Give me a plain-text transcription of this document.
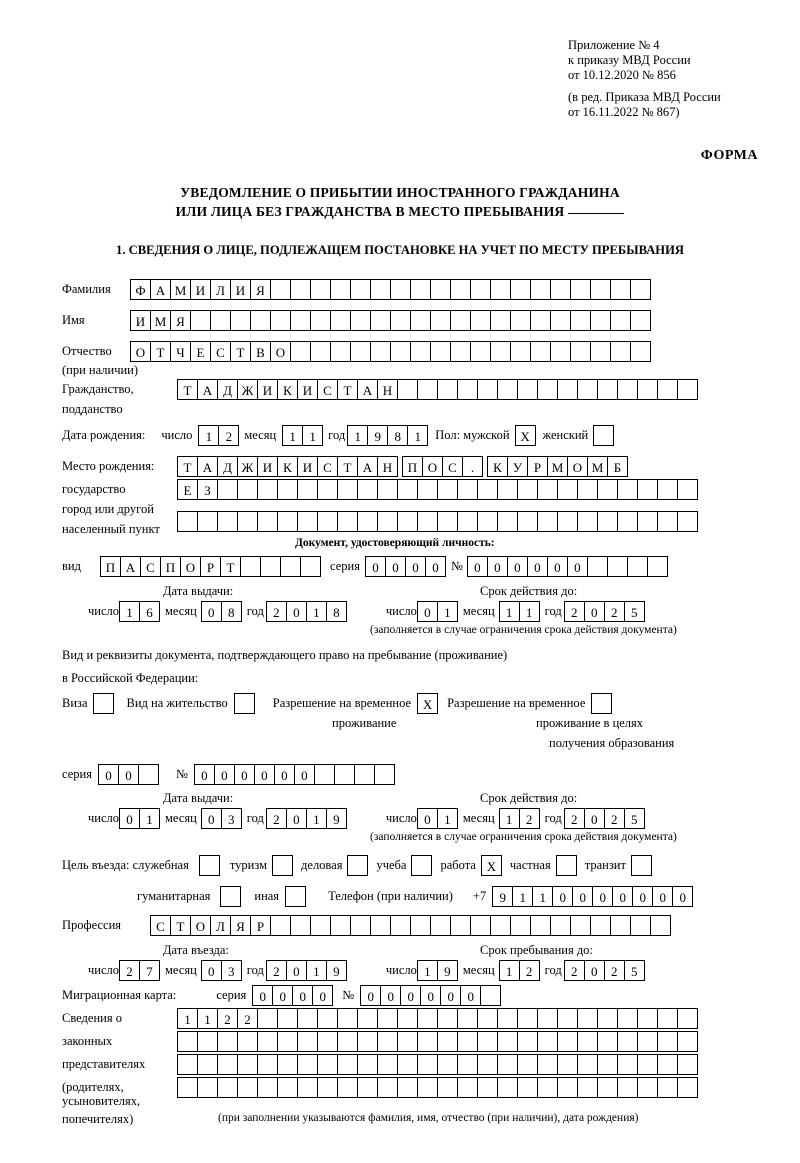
Приложение № 4
к приказу МВД России
от 10.12.2020 № 856
(в ред. Приказа МВД России
от 16.11.2022 № 867)
ФОРМА
УВЕДОМЛЕНИЕ О ПРИБЫТИИ ИНОСТРАННОГО ГРАЖДАНИНА
ИЛИ ЛИЦА БЕЗ ГРАЖДАНСТВА В МЕСТО ПРЕБЫВАНИЯ
1. СВЕДЕНИЯ О ЛИЦЕ, ПОДЛЕЖАЩЕМ ПОСТАНОВКЕ НА УЧЕТ ПО МЕСТУ ПРЕБЫВАНИЯ
Фамилия	Ф А М И Л И Я
Имя	И М Я
Отчество	О Т Ч Е С Т В О
(при наличии)
Гражданство,	Т А Д Ж И К И С Т А Н
подданство
Дата рождения: число	1	2 месяц	1	1 год 1	9	8	1	Пол: мужской X	женский
Место рождения:	Т А Д Ж И К И С Т А Н	П О С	.	К У Р М О М Б
государство	Е З
город или другой
населенный пункт
Документ, удостоверяющий личность:
вид	П А С П О Р Т	серия 0	0	0	0 № 0	0	0	0	0	0
Дата выдачи:	Срок действия до:
число 1	6 месяц 0	8 год 2	0	1	8	число 0	1 месяц 1	1 год 2	0	2	5
(заполняется в случае ограничения срока действия документа)
Вид и реквизиты документа, подтверждающего право на пребывание (проживание)
в Российской Федерации:
Виза	Вид на жительство	Разрешение на временное X	Разрешение на временное
проживание	проживание в целях
получения образования
серия	0	0	№	0	0	0	0	0	0
Дата выдачи:	Срок действия до:
число 0	1 месяц 0	3 год 2	0	1	9	число 0	1 месяц 1	2 год 2	0	2	5
(заполняется в случае ограничения срока действия документа)
Цель въезда: служебная	туризм	деловая	учеба	работа X	частная	транзит
гуманитарная	иная	Телефон (при наличии) +7	9	1	1	0	0	0	0	0	0	0
Профессия	С Т О Л Я Р
Дата въезда:	Срок пребывания до:
число 2	7 месяц 0	3 год 2	0	1	9	число 1	9 месяц 1	2 год 2	0	2	5
Миграционная карта:	серия	0	0	0	0	№	0	0	0	0	0	0
Сведения о	1	1	2	2
законных
представителях
(родителях,
усыновителях,
попечителях)	(при заполнении указываются фамилия, имя, отчество (при наличии), дата рождения)
